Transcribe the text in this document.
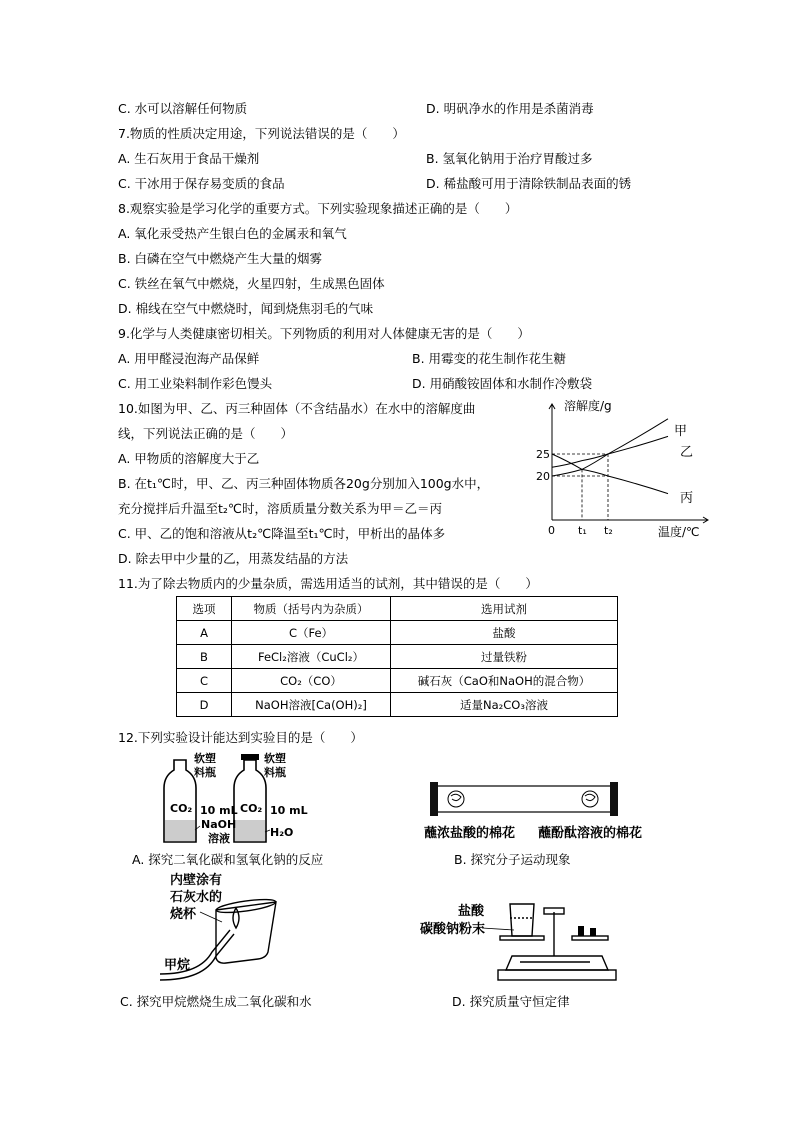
C. 水可以溶解任何物质	D. 明矾净水的作用是杀菌消毒
7.物质的性质决定用途，下列说法错误的是（　　）
A. 生石灰用于食品干燥剂	B. 氢氧化钠用于治疗胃酸过多
C. 干冰用于保存易变质的食品	D. 稀盐酸可用于清除铁制品表面的锈
8.观察实验是学习化学的重要方式。下列实验现象描述正确的是（　　）
A. 氧化汞受热产生银白色的金属汞和氧气
B. 白磷在空气中燃烧产生大量的烟雾
C. 铁丝在氧气中燃烧，火星四射，生成黑色固体
D. 棉线在空气中燃烧时，闻到烧焦羽毛的气味
9.化学与人类健康密切相关。下列物质的利用对人体健康无害的是（　　）
A. 用甲醛浸泡海产品保鲜	B. 用霉变的花生制作花生糖
C. 用工业染料制作彩色馒头	D. 用硝酸铵固体和水制作冷敷袋
10.如图为甲、乙、丙三种固体（不含结晶水）在水中的溶解度曲
线，下列说法正确的是（　　）
A. 甲物质的溶解度大于乙
B. 在t₁℃时，甲、乙、丙三种固体物质各20g分别加入100g水中，
充分搅拌后升温至t₂℃时，溶质质量分数关系为甲＝乙＝丙
C. 甲、乙的饱和溶液从t₂℃降温至t₁℃时，甲析出的晶体多
D. 除去甲中少量的乙，用蒸发结晶的方法
甲
乙
丙
溶解度/g
温度/℃
0
25
20
t₁ t₂
11.为了除去物质内的少量杂质，需选用适当的试剂，其中错误的是（　　）
选项	物质（括号内为杂质）	选用试剂
A	C（Fe）	盐酸
B	FeCl₂溶液（CuCl₂）	过量铁粉
C	CO₂（CO）	碱石灰（CaO和NaOH的混合物）
D	NaOH溶液[Ca(OH)₂]	适量Na₂CO₃溶液
12.下列实验设计能达到实验目的是（　　）
CO₂	CO₂
10 mL	10 mL
H₂O
NaOH
溶液
软塑
料瓶
软塑
料瓶
A. 探究二氧化碳和氢氧化钠的反应
蘸浓盐酸的棉花 蘸酚酞溶液的棉花
B. 探究分子运动现象
内壁涂有
石灰水的
烧杯
甲烷
C. 探究甲烷燃烧生成二氧化碳和水
盐酸
碳酸钠粉末
D. 探究质量守恒定律
